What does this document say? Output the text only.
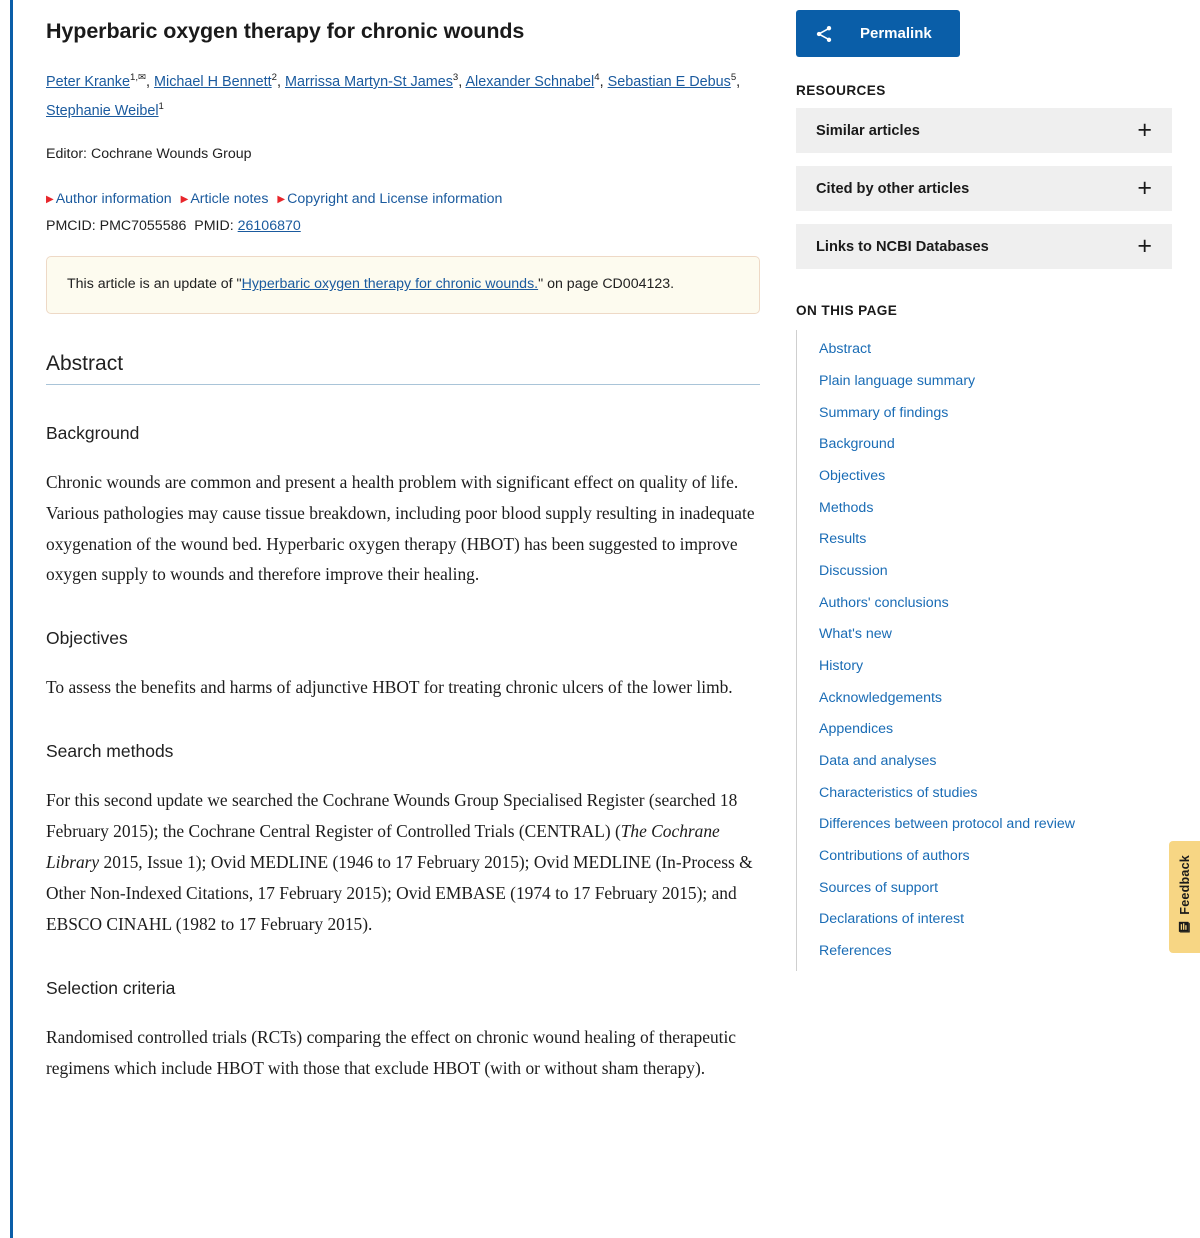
Hyperbaric oxygen therapy for chronic wounds
Peter Kranke$^{1,✉}$, Michael H Bennett$^2$, Marrissa Martyn-St James$^3$, Alexander Schnabel$^4$, Sebastian E Debus$^5$, Stephanie Weibel$^1$
Editor: Cochrane Wounds Group
▶ Author information ▶ Article notes ▶ Copyright and License information
PMCID: PMC7055586 PMID: 26106870
This article is an update of "Hyperbaric oxygen therapy for chronic wounds." on page CD004123.
Abstract
Background

Chronic wounds are common and present a health problem with significant effect on quality of life. Various pathologies may cause tissue breakdown, including poor blood supply resulting in inadequate oxygenation of the wound bed. Hyperbaric oxygen therapy (HBOT) has been suggested to improve oxygen supply to wounds and therefore improve their healing.

Objectives

To assess the benefits and harms of adjunctive HBOT for treating chronic ulcers of the lower limb.

Search methods

For this second update we searched the Cochrane Wounds Group Specialised Register (searched 18 February 2015); the Cochrane Central Register of Controlled Trials (CENTRAL) (The Cochrane Library 2015, Issue 1); Ovid MEDLINE (1946 to 17 February 2015); Ovid MEDLINE (In-Process & Other Non-Indexed Citations, 17 February 2015); Ovid EMBASE (1974 to 17 February 2015); and EBSCO CINAHL (1982 to 17 February 2015).

Selection criteria

Randomised controlled trials (RCTs) comparing the effect on chronic wound healing of therapeutic regimens which include HBOT with those that exclude HBOT (with or without sham therapy).

Permalink
RESOURCES
Similar articles	+
Cited by other articles	+
Links to NCBI Databases	+
ON THIS PAGE
Abstract
Plain language summary
Summary of findings
Background
Objectives
Methods
Results
Discussion
Authors' conclusions
What's new
History
Acknowledgements
Appendices
Data and analyses
Characteristics of studies
Differences between protocol and review
Contributions of authors
Sources of support
Declarations of interest
References
Feedback
